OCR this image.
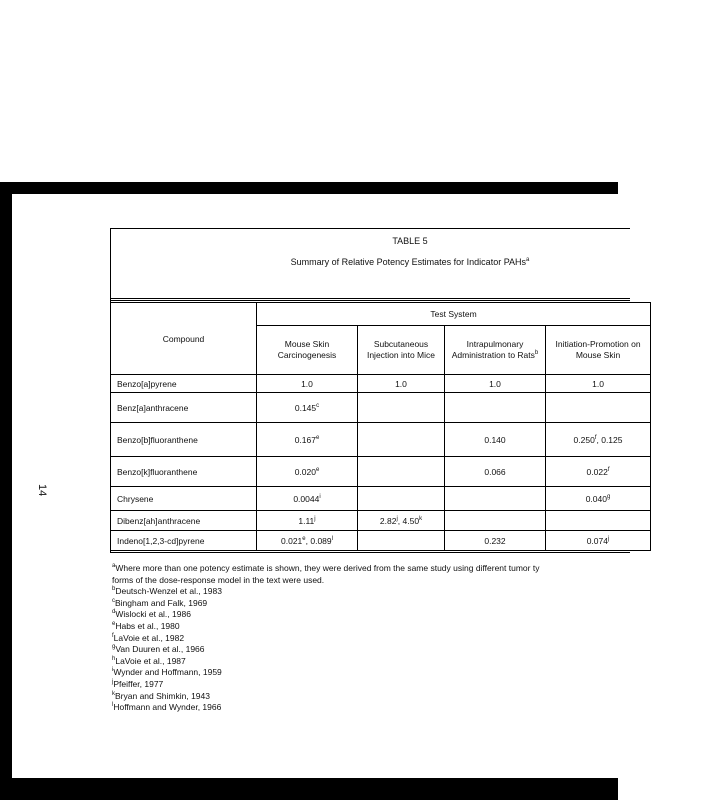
14
TABLE 5
Summary of Relative Potency Estimates for Indicator PAHs$^a$
Compound	Test System			
	Mouse Skin Carcinogenesis	Subcutaneous Injection into Mice	Intrapulmonary Administration to Rats$^b$	Initiation-Promotion on Mouse Skin
Benzo[a]pyrene	1.0	1.0	1.0	1.0
Benz[a]anthracene	0.145$^c$			
Benzo[b]fluoranthene	0.167e		0.140	0.250$^f$, 0.125
Benzo[k]fluoranthene	0.020e		0.066	0.022$^f$
Chrysene	0.0044$^i$			0.040$^g$
Dibenz[ah]anthracene	1.11$^j$	2.82$^j$, 4.50$^k$		
Indeno[1,2,3-cd]pyrene	0.021e, 0.089$^l$		0.232	0.074$^j$
$^a$Where more than one potency estimate is shown, they were derived from the same study using different tumor ty
forms of the dose-response model in the text were used.
$^b$Deutsch-Wenzel et al., 1983
$^c$Bingham and Falk, 1969
$^d$Wislocki et al., 1986
$^e$Habs et al., 1980
$^f$LaVoie et al., 1982
$^g$Van Duuren et al., 1966
$^h$LaVoie et al., 1987
$^i$Wynder and Hoffmann, 1959
$^j$Pfeiffer, 1977
$^k$Bryan and Shimkin, 1943
$^l$Hoffmann and Wynder, 1966
